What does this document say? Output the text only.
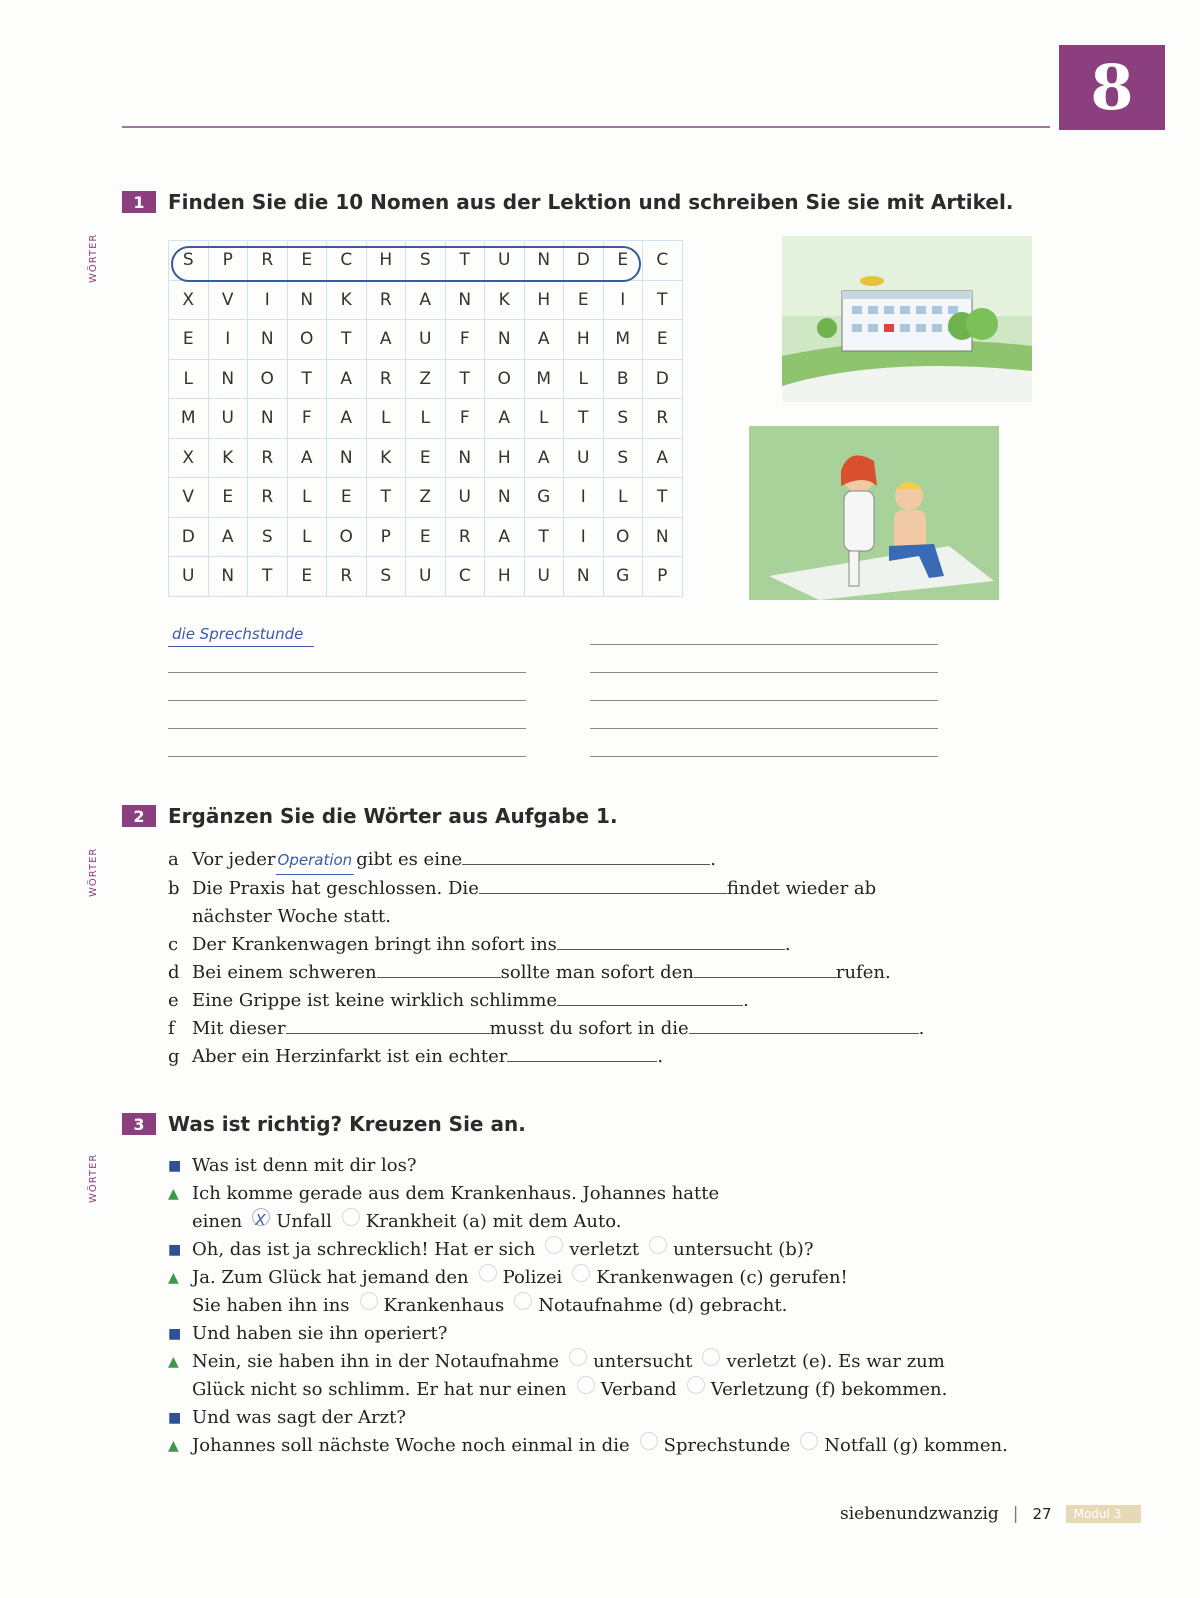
8
WÖRTER
1	Finden Sie die 10 Nomen aus der Lektion und schreiben Sie sie mit Artikel.
S	P	R	E	C	H	S	T	U	N	D	E	C
X	V	I	N	K	R	A	N	K	H	E	I	T
E	I	N	O	T	A	U	F	N	A	H	M	E
L	N	O	T	A	R	Z	T	O	M	L	B	D
M	U	N	F	A	L	L	F	A	L	T	S	R
X	K	R	A	N	K	E	N	H	A	U	S	A
V	E	R	L	E	T	Z	U	N	G	I	L	T
D	A	S	L	O	P	E	R	A	T	I	O	N
U	N	T	E	R	S	U	C	H	U	N	G	P
die Sprechstunde
WÖRTER
2	Ergänzen Sie die Wörter aus Aufgabe 1.
a Vor jeder Operation gibt es eine	.
b Die Praxis hat geschlossen. Die	findet wieder ab
nächster Woche statt.
c Der Krankenwagen bringt ihn sofort ins	.
d Bei einem schweren	sollte man sofort den	rufen.
e Eine Grippe ist keine wirklich schlimme	.
f Mit dieser	musst du sofort in die	.
g Aber ein Herzinfarkt ist ein echter	.
WÖRTER
3	Was ist richtig? Kreuzen Sie an.
■ Was ist denn mit dir los?
▲ Ich komme gerade aus dem Krankenhaus. Johannes hatte
einen
X Unfall Krankheit (a) mit dem Auto.
■ Oh, das ist ja schrecklich! Hat er sich verletzt untersucht (b)?
▲ Ja. Zum Glück hat jemand den Polizei Krankenwagen (c) gerufen!
Sie haben ihn ins Krankenhaus Notaufnahme (d) gebracht.
■ Und haben sie ihn operiert?
▲ Nein, sie haben ihn in der Notaufnahme untersucht verletzt (e). Es war zum
Glück nicht so schlimm. Er hat nur einen Verband Verletzung (f) bekommen.
■ Und was sagt der Arzt?
▲ Johannes soll nächste Woche noch einmal in die Sprechstunde Notfall (g) kommen.
siebenundzwanzig | 27	Modul 3
